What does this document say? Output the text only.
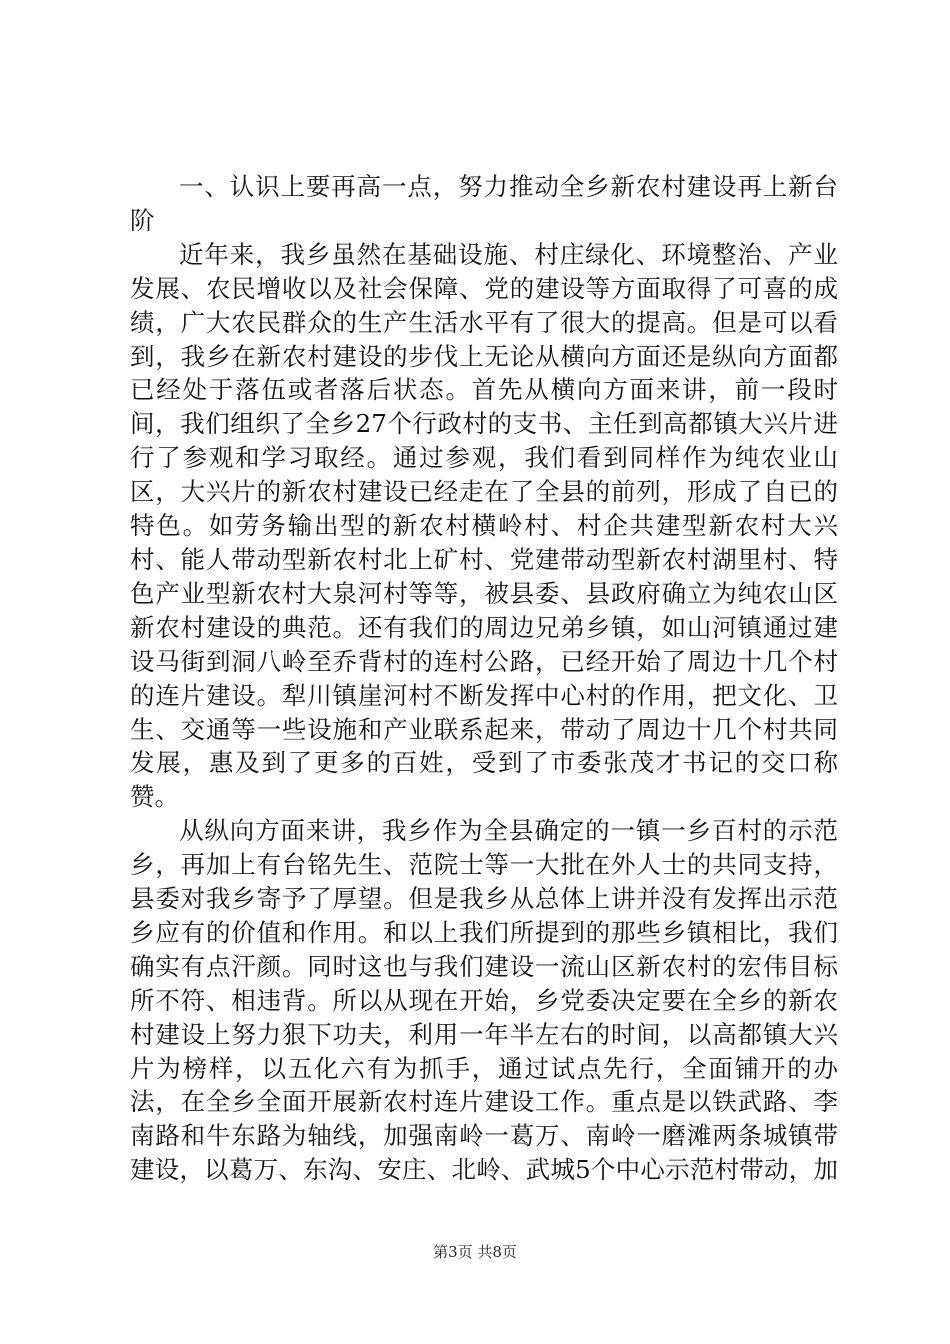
一、认识上要再高一点，努力推动全乡新农村建设再上新台阶

近年来，我乡虽然在基础设施、村庄绿化、环境整治、产业发展、农民增收以及社会保障、党的建设等方面取得了可喜的成绩，广大农民群众的生产生活水平有了很大的提高。但是可以看到，我乡在新农村建设的步伐上无论从横向方面还是纵向方面都已经处于落伍或者落后状态。首先从横向方面来讲，前一段时间，我们组织了全乡27个行政村的支书、主任到高都镇大兴片进行了参观和学习取经。通过参观，我们看到同样作为纯农业山区，大兴片的新农村建设已经走在了全县的前列，形成了自已的特色。如劳务输出型的新农村横岭村、村企共建型新农村大兴村、能人带动型新农村北上矿村、党建带动型新农村湖里村、特色产业型新农村大泉河村等等，被县委、县政府确立为纯农山区新农村建设的典范。还有我们的周边兄弟乡镇，如山河镇通过建设马街到洞八岭至乔背村的连村公路，已经开始了周边十几个村的连片建设。犁川镇崖河村不断发挥中心村的作用，把文化、卫生、交通等一些设施和产业联系起来，带动了周边十几个村共同发展，惠及到了更多的百姓，受到了市委张茂才书记的交口称赞。

从纵向方面来讲，我乡作为全县确定的一镇一乡百村的示范乡，再加上有台铭先生、范院士等一大批在外人士的共同支持，县委对我乡寄予了厚望。但是我乡从总体上讲并没有发挥出示范乡应有的价值和作用。和以上我们所提到的那些乡镇相比，我们确实有点汗颜。同时这也与我们建设一流山区新农村的宏伟目标所不符、相违背。所以从现在开始，乡党委决定要在全乡的新农村建设上努力狠下功夫，利用一年半左右的时间，以高都镇大兴片为榜样，以五化六有为抓手，通过试点先行，全面铺开的办法，在全乡全面开展新农村连片建设工作。重点是以铁武路、李南路和牛东路为轴线，加强南岭一葛万、南岭一磨滩两条城镇带建设，以葛万、东沟、安庄、北岭、武城5个中心示范村带动，加

第3页 共8页
